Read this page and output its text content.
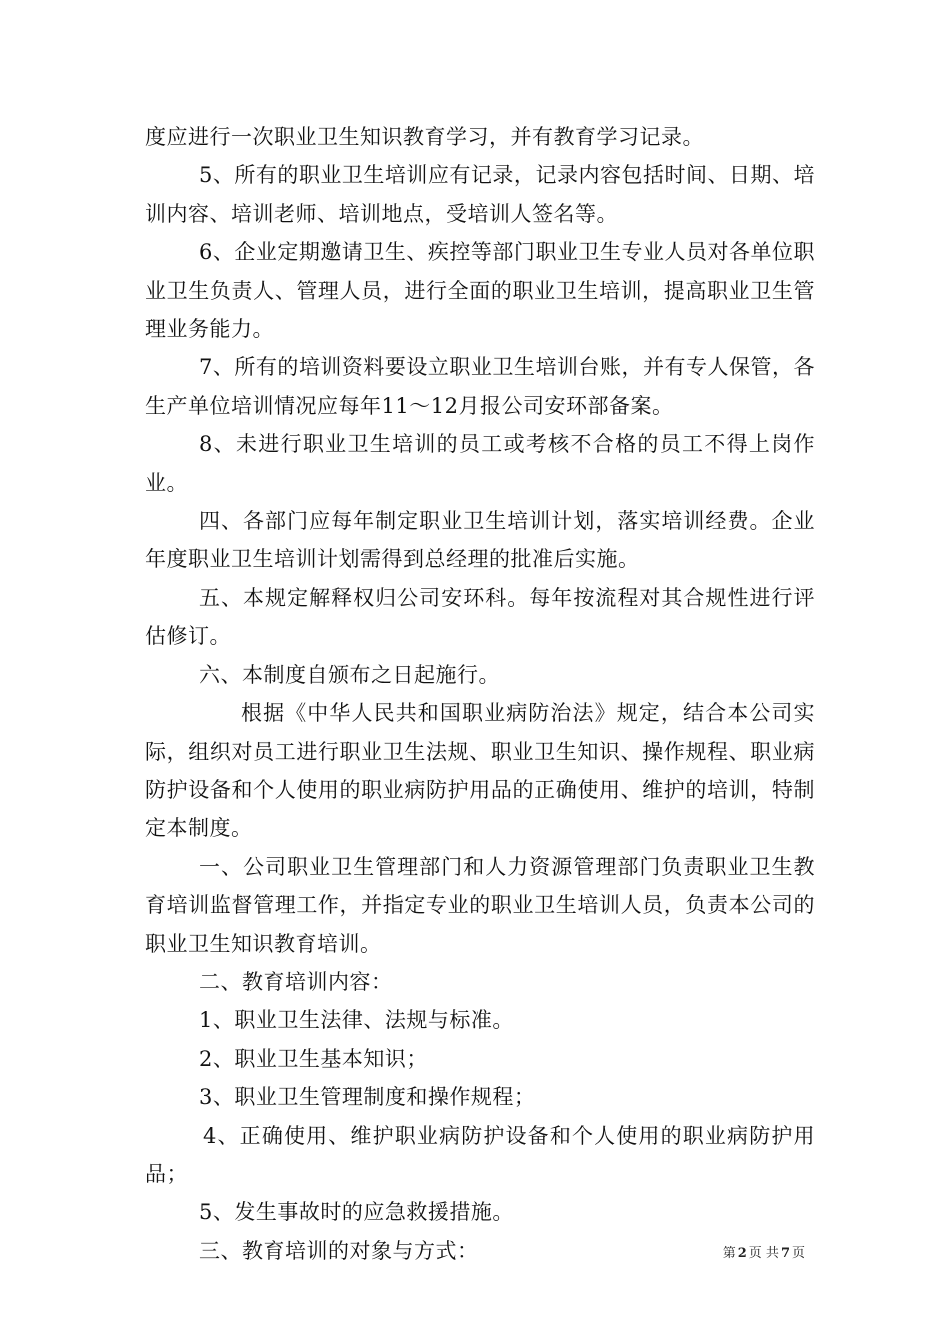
度应进行一次职业卫生知识教育学习，并有教育学习记录。

5、所有的职业卫生培训应有记录，记录内容包括时间、日期、培训内容、培训老师、培训地点，受培训人签名等。

6、企业定期邀请卫生、疾控等部门职业卫生专业人员对各单位职业卫生负责人、管理人员，进行全面的职业卫生培训，提高职业卫生管理业务能力。

7、所有的培训资料要设立职业卫生培训台账，并有专人保管，各生产单位培训情况应每年11～12月报公司安环部备案。

8、未进行职业卫生培训的员工或考核不合格的员工不得上岗作业。

四、各部门应每年制定职业卫生培训计划，落实培训经费。企业年度职业卫生培训计划需得到总经理的批准后实施。

五、本规定解释权归公司安环科。每年按流程对其合规性进行评估修订。

六、本制度自颁布之日起施行。

根据《中华人民共和国职业病防治法》规定，结合本公司实际，组织对员工进行职业卫生法规、职业卫生知识、操作规程、职业病防护设备和个人使用的职业病防护用品的正确使用、维护的培训，特制定本制度。

一、公司职业卫生管理部门和人力资源管理部门负责职业卫生教育培训监督管理工作，并指定专业的职业卫生培训人员，负责本公司的职业卫生知识教育培训。

二、教育培训内容：

1、职业卫生法律、法规与标准。

2、职业卫生基本知识；

3、职业卫生管理制度和操作规程；

4、正确使用、维护职业病防护设备和个人使用的职业病防护用品；

5、发生事故时的应急救援措施。

三、教育培训的对象与方式：	第 2 页 共 7 页
